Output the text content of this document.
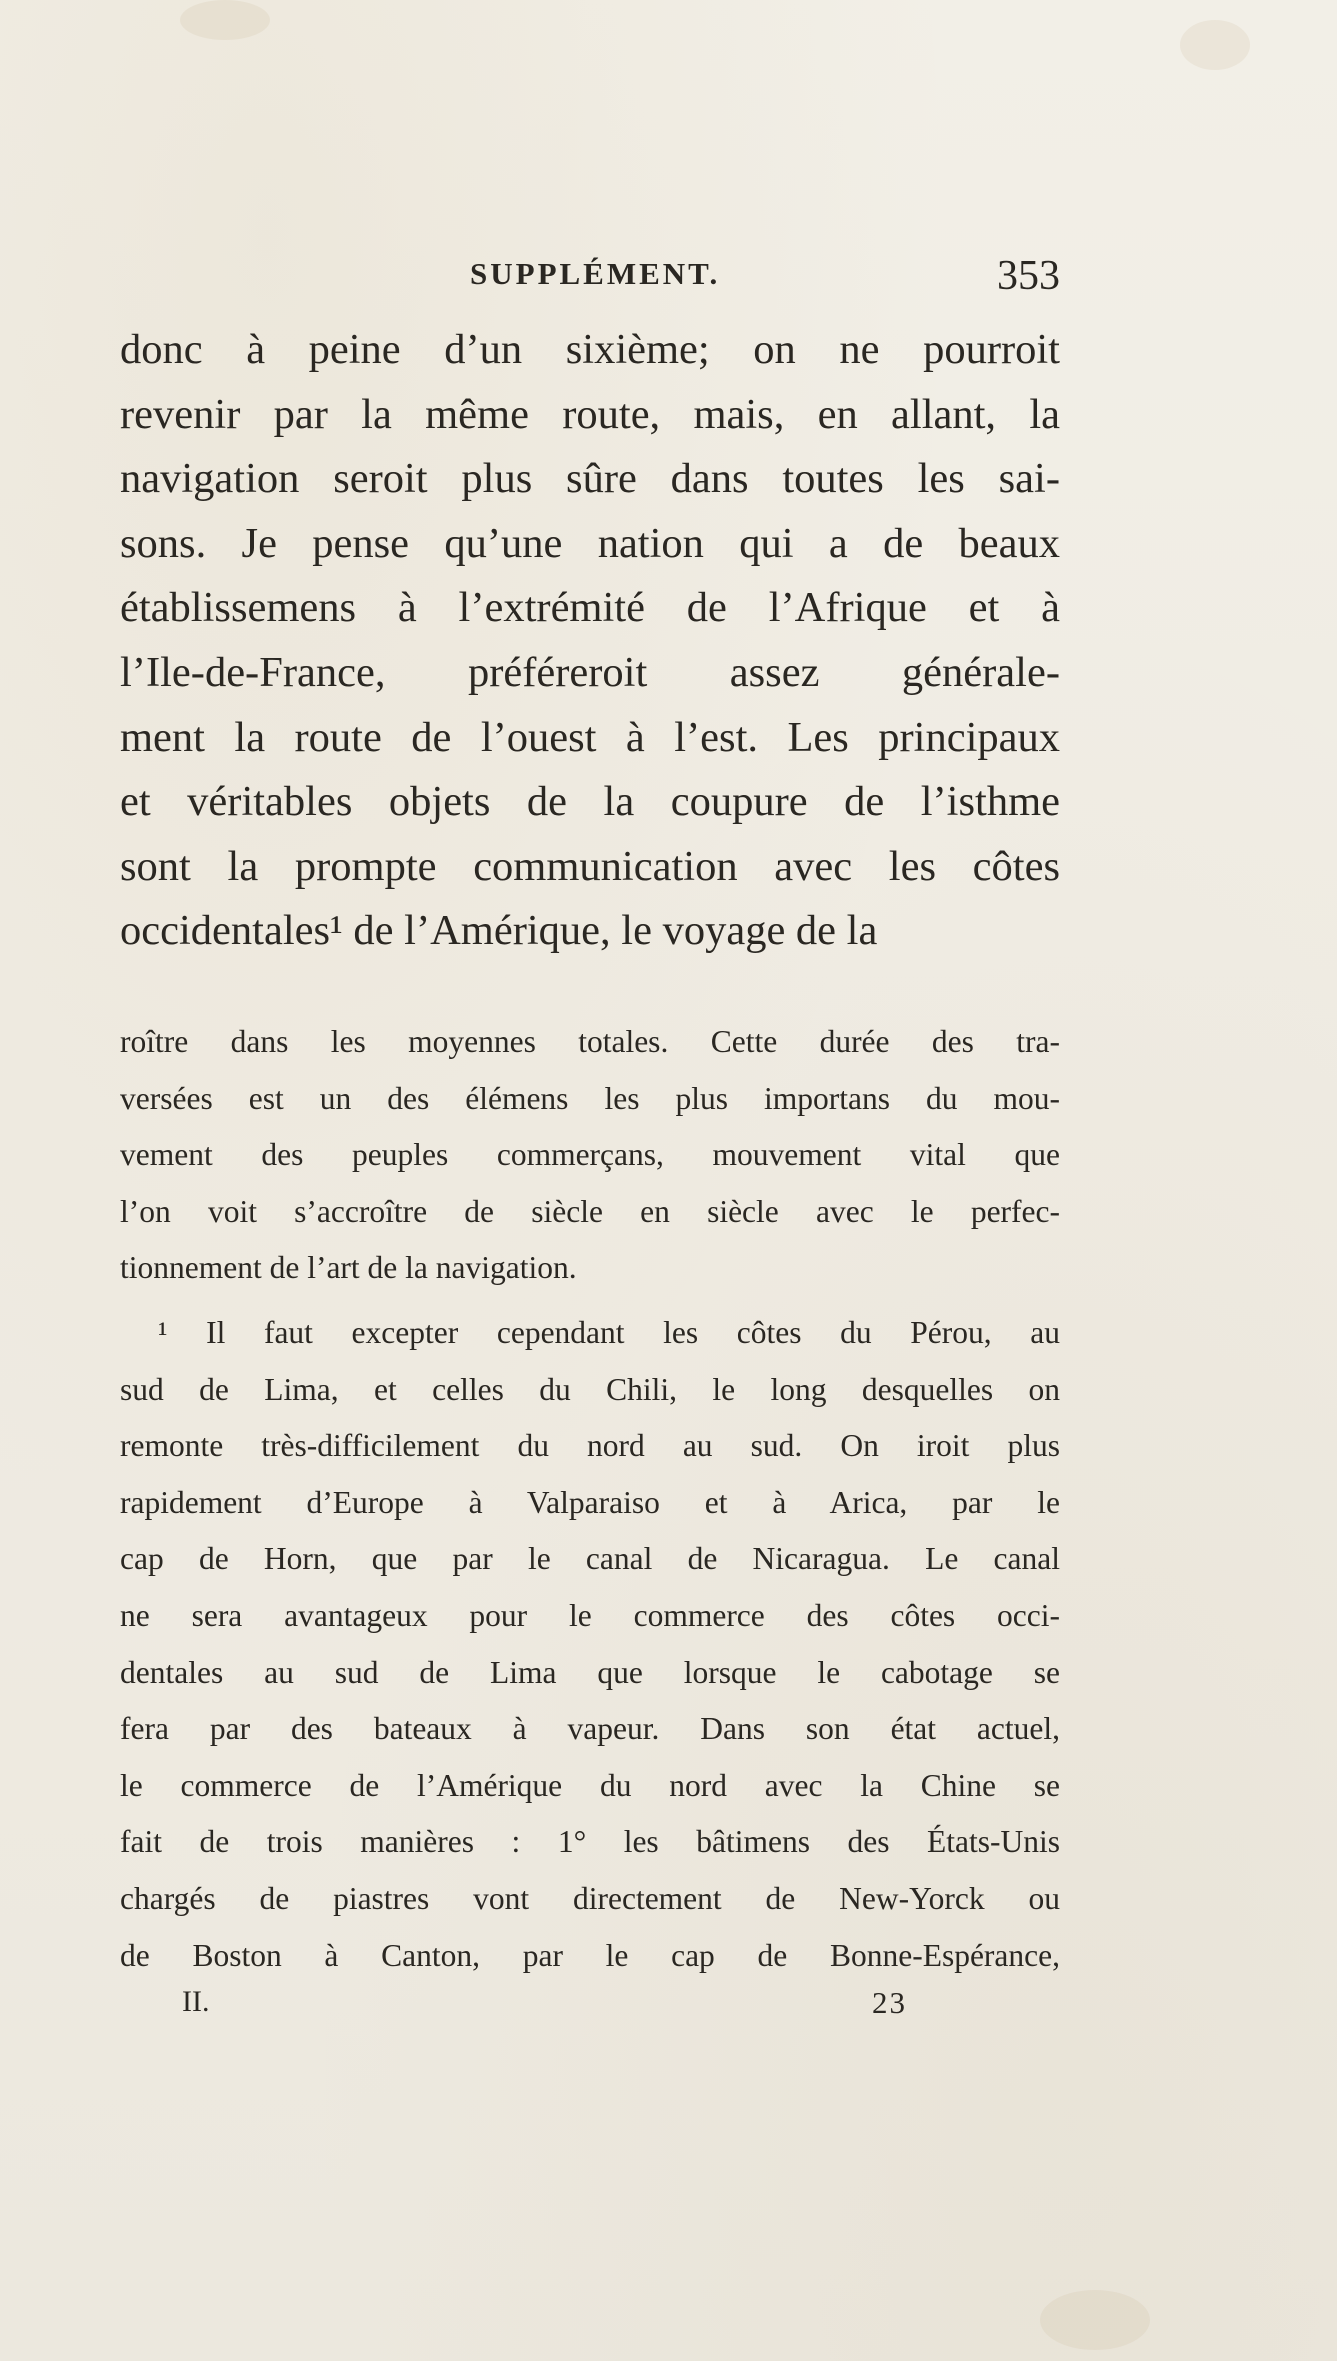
SUPPLÉMENT.	353
donc à peine d’un sixième; on ne pourroit
revenir par la même route, mais, en allant, la
navigation seroit plus sûre dans toutes les sai-
sons. Je pense qu’une nation qui a de beaux
établissemens à l’extrémité de l’Afrique et à
l’Ile-de-France, préféreroit assez générale-
ment la route de l’ouest à l’est. Les principaux
et véritables objets de la coupure de l’isthme
sont la prompte communication avec les côtes
occidentales¹ de l’Amérique, le voyage de la
roître dans les moyennes totales. Cette durée des tra-
versées est un des élémens les plus importans du mou-
vement des peuples commerçans, mouvement vital que
l’on voit s’accroître de siècle en siècle avec le perfec-
tionnement de l’art de la navigation.
¹ Il faut excepter cependant les côtes du Pérou, au
sud de Lima, et celles du Chili, le long desquelles on
remonte très-difficilement du nord au sud. On iroit plus
rapidement d’Europe à Valparaiso et à Arica, par le
cap de Horn, que par le canal de Nicaragua. Le canal
ne sera avantageux pour le commerce des côtes occi-
dentales au sud de Lima que lorsque le cabotage se
fera par des bateaux à vapeur. Dans son état actuel,
le commerce de l’Amérique du nord avec la Chine se
fait de trois manières : 1° les bâtimens des États-Unis
chargés de piastres vont directement de New-Yorck ou
de Boston à Canton, par le cap de Bonne-Espérance,
II.	23
